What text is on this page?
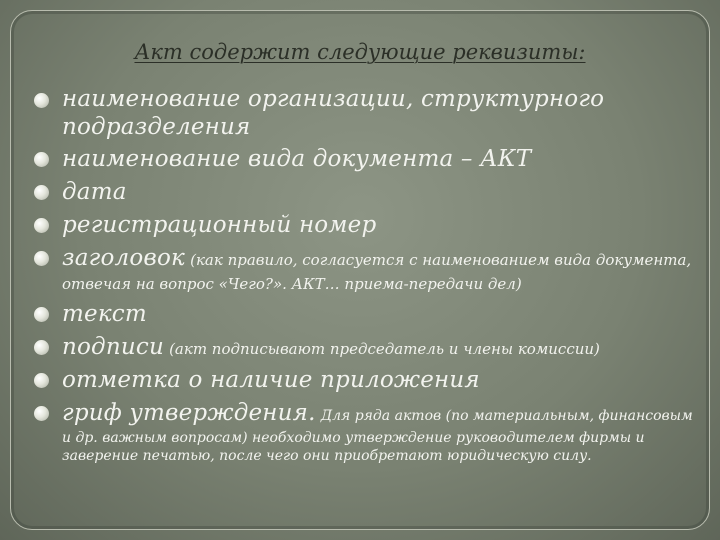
Акт содержит следующие реквизиты:
наименование организации, структурного подразделения
наименование вида документа – АКТ
дата
регистрационный номер
заголовок (как правило, согласуется с наименованием вида документа, отвечая на вопрос «Чего?». АКТ… приема-передачи дел)
текст
подписи (акт подписывают председатель и члены комиссии)
отметка о наличие приложения
гриф утверждения. Для ряда актов (по материальным, финансовым и др. важным вопросам) необходимо утверждение руководителем фирмы и заверение печатью, после чего они приобретают юридическую силу.
